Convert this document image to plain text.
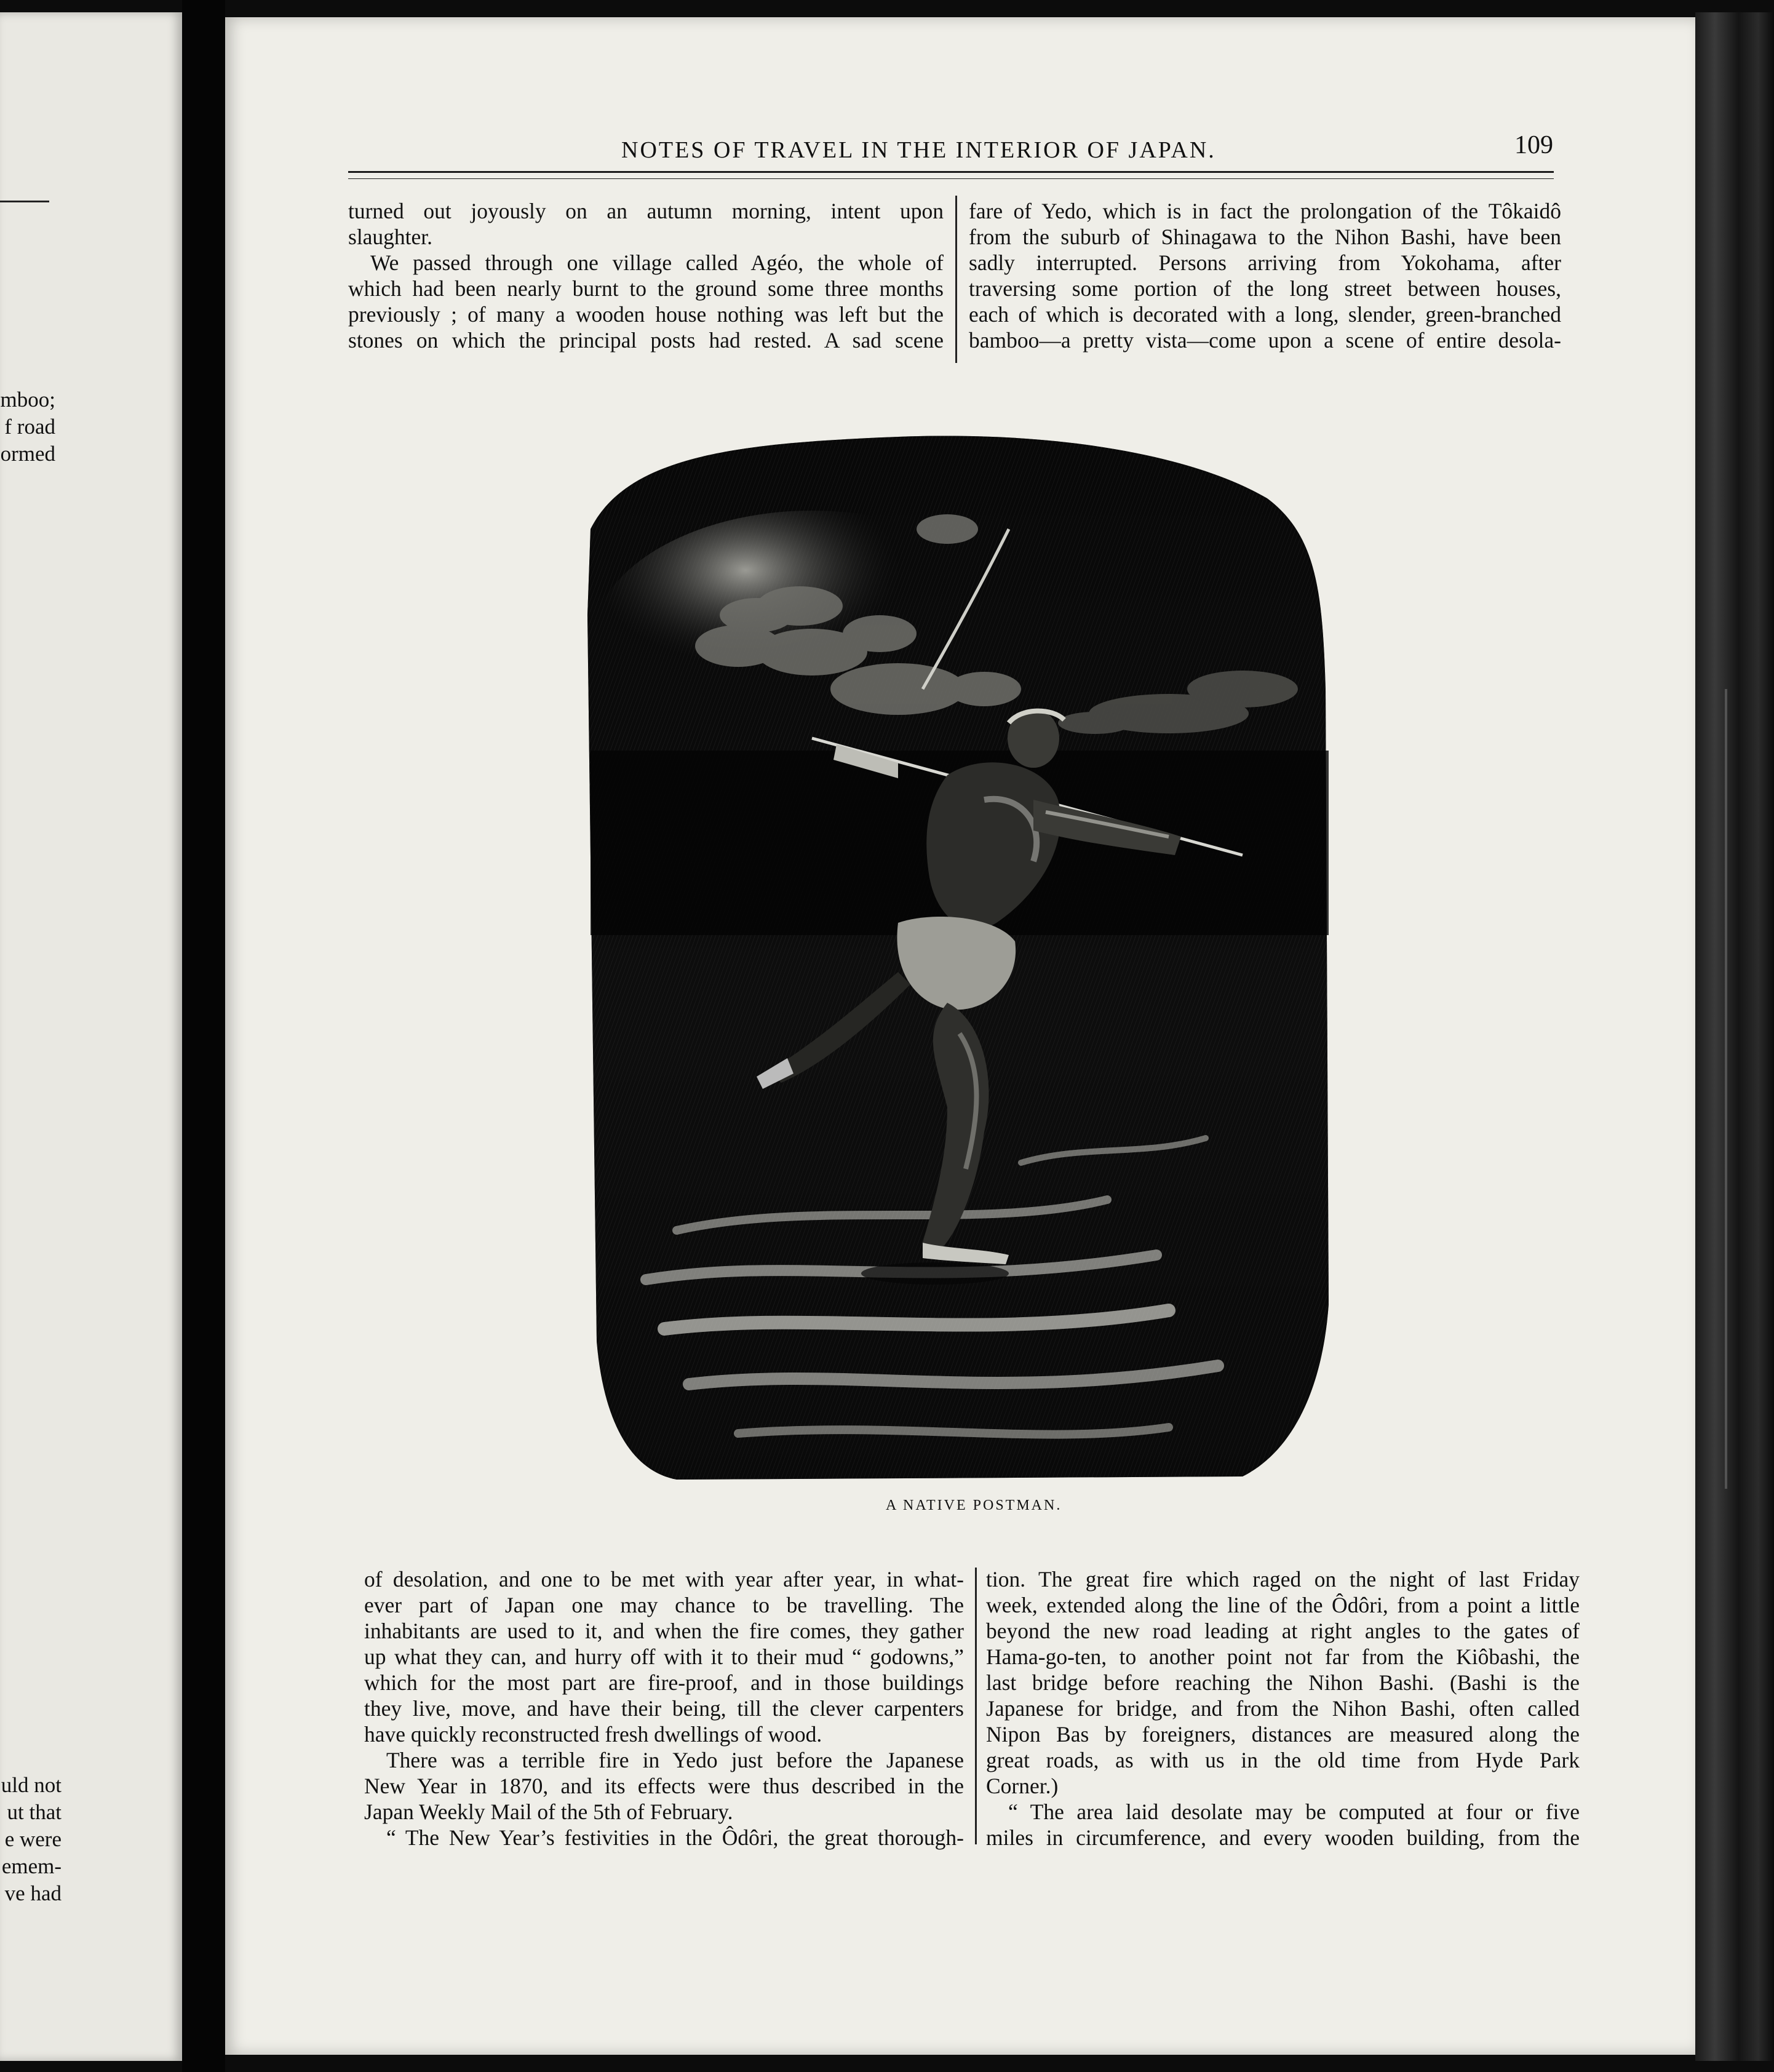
mboo;
f road
ormed
uld not
ut that
e were
emem-
ve had
NOTES OF TRAVEL IN THE INTERIOR OF JAPAN.	109
turned out joyously on an autumn morning, intent upon
slaughter.
We passed through one village called Agéo, the whole of
which had been nearly burnt to the ground some three months
previously ; of many a wooden house nothing was left but the
stones on which the principal posts had rested. A sad scene
fare of Yedo, which is in fact the prolongation of the Tôkaidô
from the suburb of Shinagawa to the Nihon Bashi, have been
sadly interrupted. Persons arriving from Yokohama, after
traversing some portion of the long street between houses,
each of which is decorated with a long, slender, green-branched
bamboo—a pretty vista—come upon a scene of entire desola-
A NATIVE POSTMAN.
of desolation, and one to be met with year after year, in what-
ever part of Japan one may chance to be travelling. The
inhabitants are used to it, and when the fire comes, they gather
up what they can, and hurry off with it to their mud “ godowns,”
which for the most part are fire-proof, and in those buildings
they live, move, and have their being, till the clever carpenters
have quickly reconstructed fresh dwellings of wood.
There was a terrible fire in Yedo just before the Japanese
New Year in 1870, and its effects were thus described in the
Japan Weekly Mail of the 5th of February.
“ The New Year’s festivities in the Ôdôri, the great thorough-
tion. The great fire which raged on the night of last Friday
week, extended along the line of the Ôdôri, from a point a little
beyond the new road leading at right angles to the gates of
Hama-go-ten, to another point not far from the Kiôbashi, the
last bridge before reaching the Nihon Bashi. (Bashi is the
Japanese for bridge, and from the Nihon Bashi, often called
Nipon Bas by foreigners, distances are measured along the
great roads, as with us in the old time from Hyde Park
Corner.)
“ The area laid desolate may be computed at four or five
miles in circumference, and every wooden building, from the
